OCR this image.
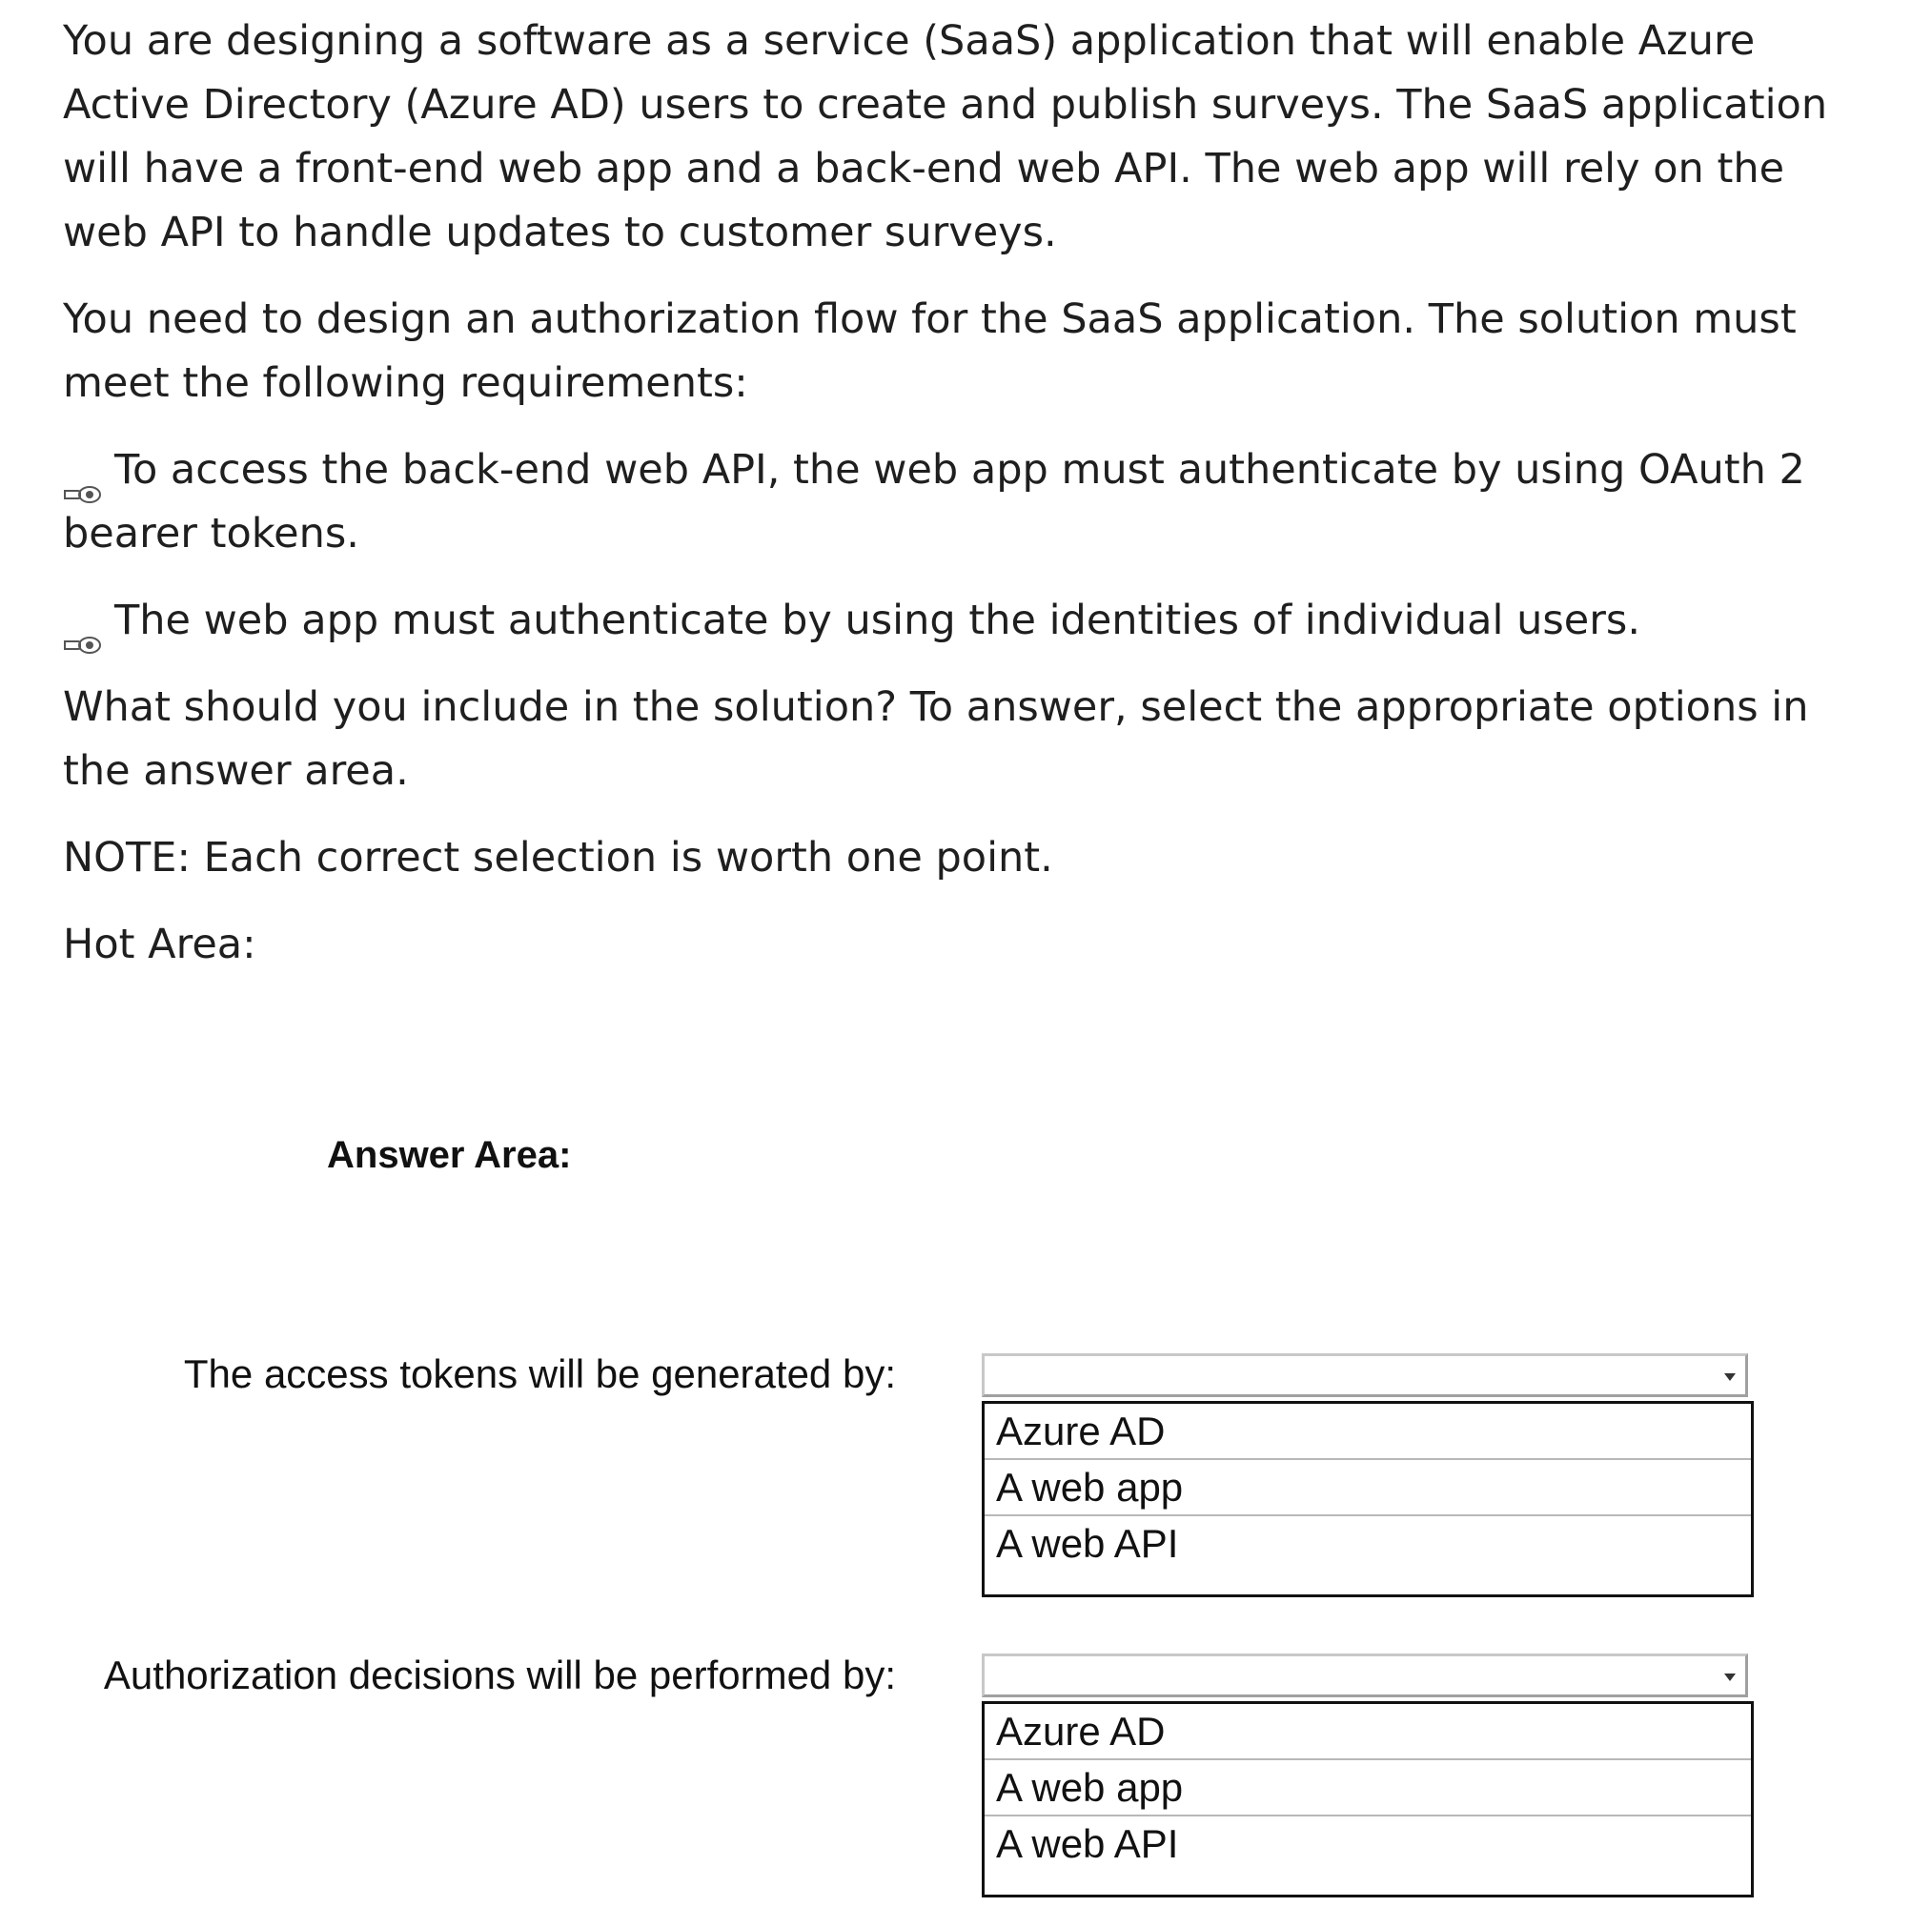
You are designing a software as a service (SaaS) application that will enable Azure Active Directory (Azure AD) users to create and publish surveys. The SaaS application will have a front-end web app and a back-end web API. The web app will rely on the web API to handle updates to customer surveys.

You need to design an authorization flow for the SaaS application. The solution must meet the following requirements:

To access the back-end web API, the web app must authenticate by using OAuth 2 bearer tokens.

The web app must authenticate by using the identities of individual users.

What should you include in the solution? To answer, select the appropriate options in the answer area.

NOTE: Each correct selection is worth one point.

Hot Area:

Answer Area:
The access tokens will be generated by:
Azure AD
A web app
A web API
Authorization decisions will be performed by:
Azure AD
A web app
A web API
